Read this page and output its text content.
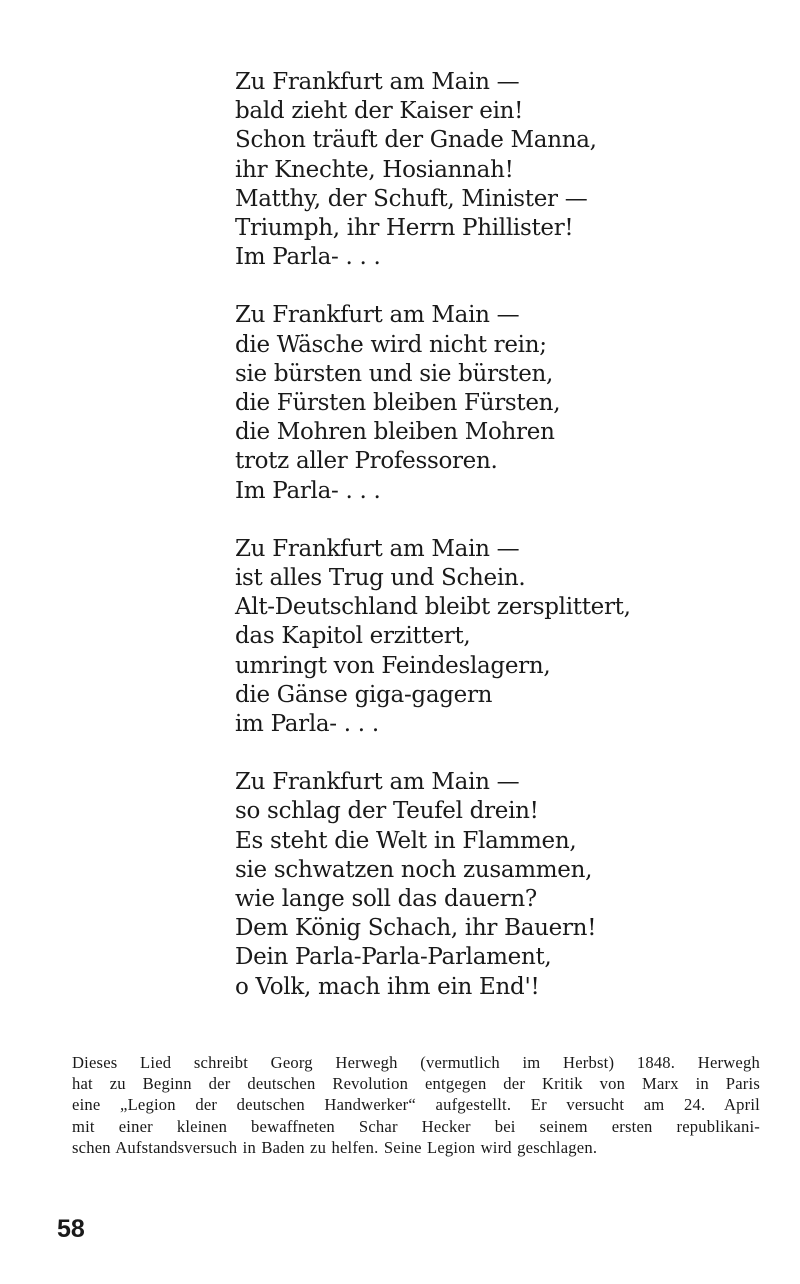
Zu Frankfurt am Main —
bald zieht der Kaiser ein!
Schon träuft der Gnade Manna,
ihr Knechte, Hosiannah!
Matthy, der Schuft, Minister —
Triumph, ihr Herrn Phillister!
Im Parla- . . .
Zu Frankfurt am Main —
die Wäsche wird nicht rein;
sie bürsten und sie bürsten,
die Fürsten bleiben Fürsten,
die Mohren bleiben Mohren
trotz aller Professoren.
Im Parla- . . .
Zu Frankfurt am Main —
ist alles Trug und Schein.
Alt-Deutschland bleibt zersplittert,
das Kapitol erzittert,
umringt von Feindeslagern,
die Gänse giga-gagern
im Parla- . . .
Zu Frankfurt am Main —
so schlag der Teufel drein!
Es steht die Welt in Flammen,
sie schwatzen noch zusammen,
wie lange soll das dauern?
Dem König Schach, ihr Bauern!
Dein Parla-Parla-Parlament,
o Volk, mach ihm ein End'!
Dieses Lied schreibt Georg Herwegh (vermutlich im Herbst) 1848. Herwegh
hat zu Beginn der deutschen Revolution entgegen der Kritik von Marx in Paris
eine „Legion der deutschen Handwerker“ aufgestellt. Er versucht am 24. April
mit einer kleinen bewaffneten Schar Hecker bei seinem ersten republikani-
schen Aufstandsversuch in Baden zu helfen. Seine Legion wird geschlagen.
58
